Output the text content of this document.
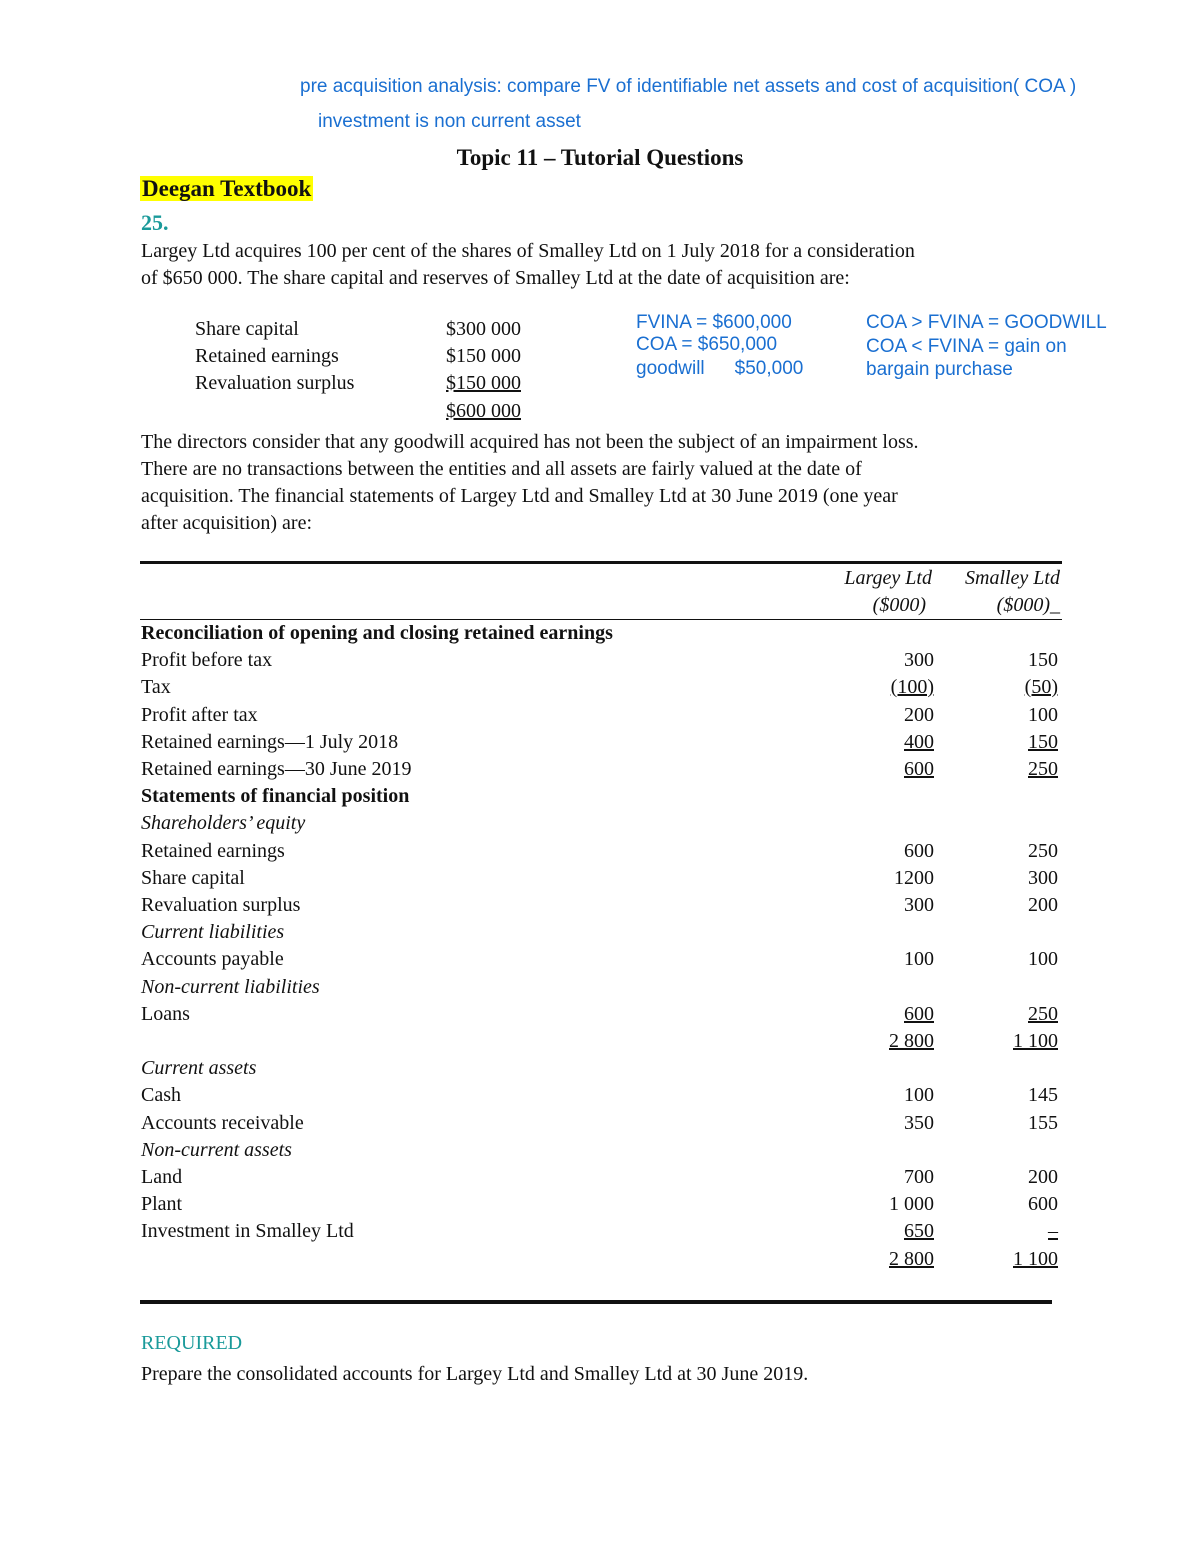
pre acquisition analysis: compare FV of identifiable net assets and cost of acquisition( COA )
investment is non current asset
Topic 11 – Tutorial Questions
Deegan Textbook
25.
Largey Ltd acquires 100 per cent of the shares of Smalley Ltd on 1 July 2018 for a consideration
of $650 000. The share capital and reserves of Smalley Ltd at the date of acquisition are:
Share capital	$300 000
Retained earnings	$150 000
Revaluation surplus	$150 000
$600 000
FVINA = $600,000
COA = $650,000
goodwill $50,000
COA > FVINA = GOODWILL
COA < FVINA = gain on
bargain purchase
The directors consider that any goodwill acquired has not been the subject of an impairment loss.
There are no transactions between the entities and all assets are fairly valued at the date of
acquisition. The financial statements of Largey Ltd and Smalley Ltd at 30 June 2019 (one year
after acquisition) are:
Largey Ltd	Smalley Ltd
($000)	($000)_
Reconciliation of opening and closing retained earnings
Profit before tax	300	150
Tax	(100)	(50)
Profit after tax	200	100
Retained earnings—1 July 2018	400	150
Retained earnings—30 June 2019	600	250
Statements of financial position
Shareholders’ equity
Retained earnings	600	250
Share capital	1200	300
Revaluation surplus	300	200
Current liabilities
Accounts payable	100	100
Non-current liabilities
Loans	600	250
2 800	1 100
Current assets
Cash	100	145
Accounts receivable	350	155
Non-current assets
Land	700	200
Plant	1 000	600
Investment in Smalley Ltd	650	–
2 800	1 100
REQUIRED
Prepare the consolidated accounts for Largey Ltd and Smalley Ltd at 30 June 2019.
